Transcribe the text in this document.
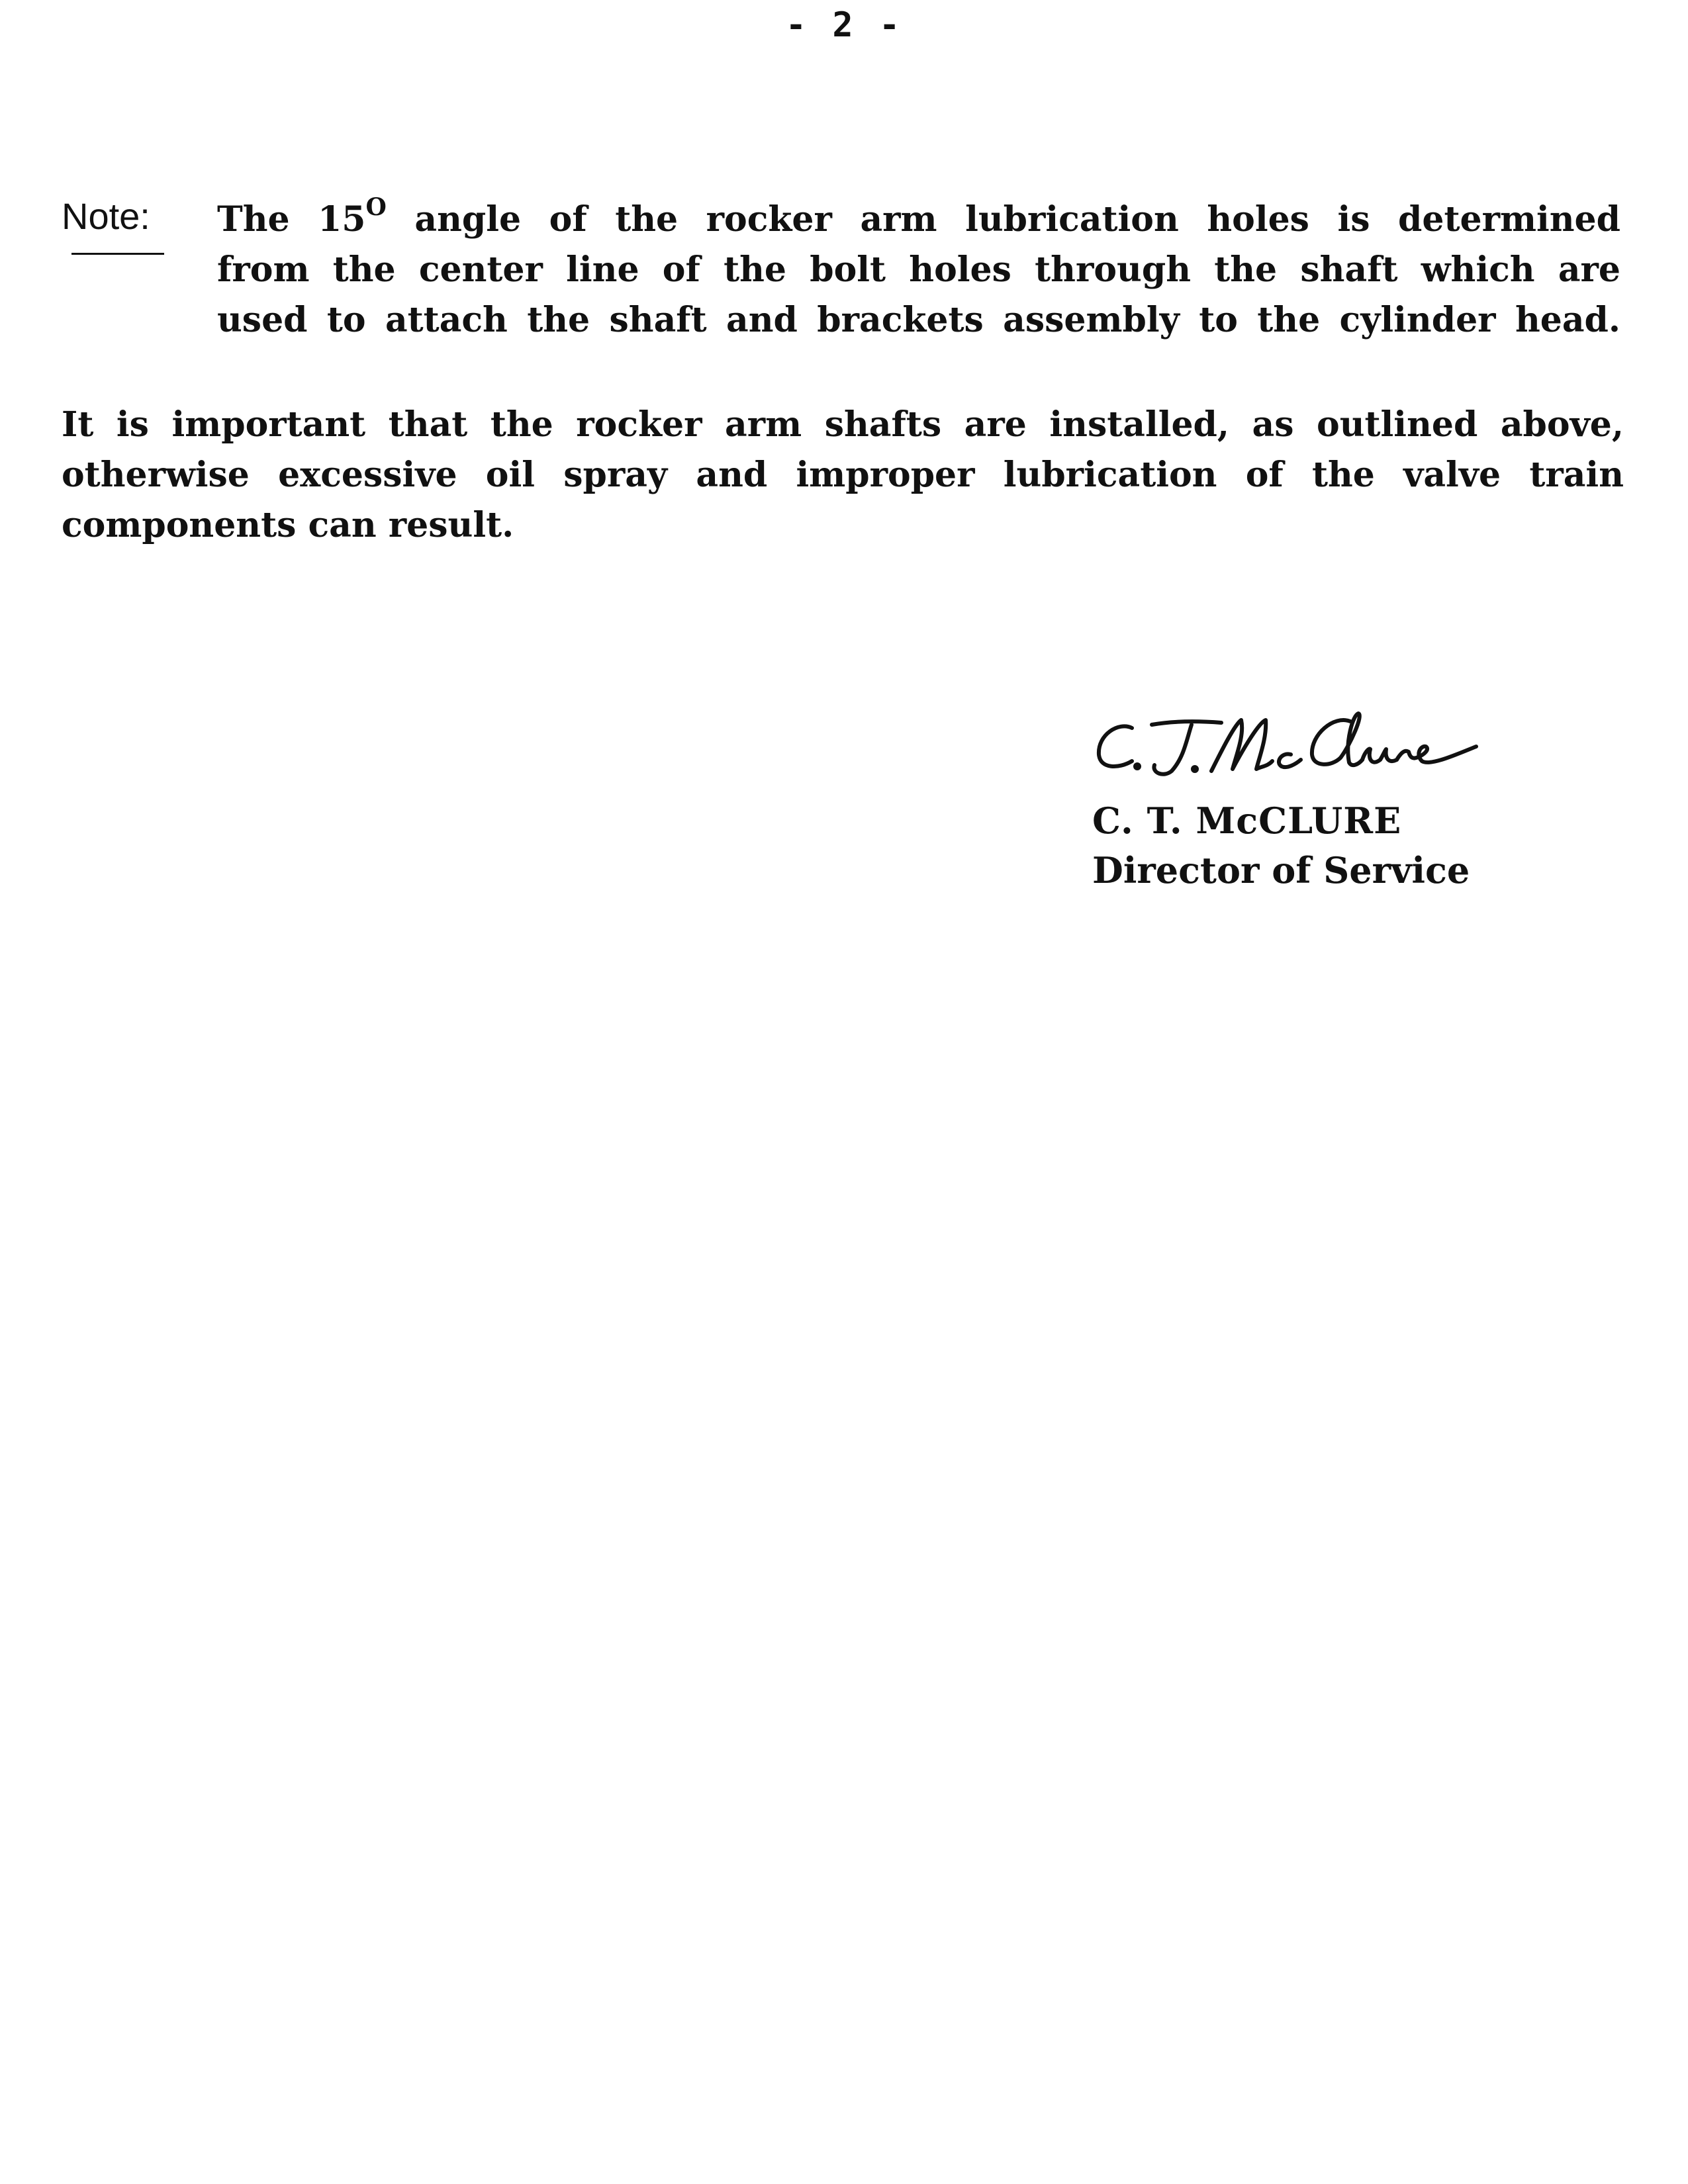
- 2 -
Note: The $15^O$ angle of the rocker arm lubrication holes is determined
from the center line of the bolt holes through the shaft which are
used to attach the shaft and brackets assembly to the cylinder head.
It is important that the rocker arm shafts are installed, as outlined above,
otherwise excessive oil spray and improper lubrication of the valve train
components can result.
C. T. McCLURE
Director of Service
